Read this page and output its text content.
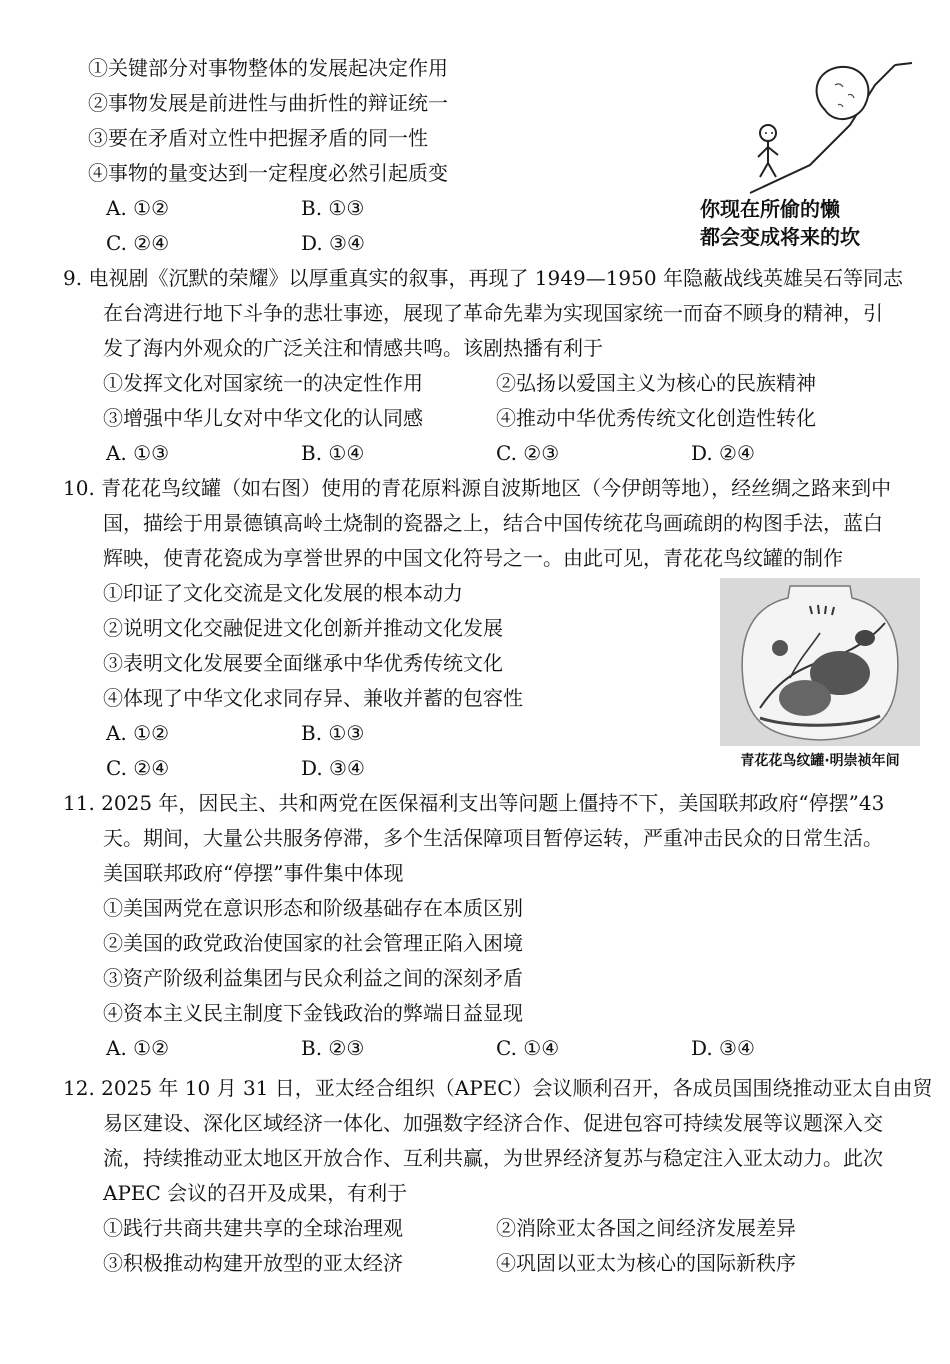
①关键部分对事物整体的发展起决定作用
②事物发展是前进性与曲折性的辩证统一
③要在矛盾对立性中把握矛盾的同一性
④事物的量变达到一定程度必然引起质变
A. ①②	B. ①③
C. ②④	D. ③④
你现在所偷的懒
都会变成将来的坎
9. 电视剧《沉默的荣耀》以厚重真实的叙事，再现了 1949—1950 年隐蔽战线英雄吴石等同志
在台湾进行地下斗争的悲壮事迹，展现了革命先辈为实现国家统一而奋不顾身的精神，引
发了海内外观众的广泛关注和情感共鸣。该剧热播有利于
①发挥文化对国家统一的决定性作用	②弘扬以爱国主义为核心的民族精神
③增强中华儿女对中华文化的认同感	④推动中华优秀传统文化创造性转化
A. ①③	B. ①④	C. ②③	D. ②④
10. 青花花鸟纹罐（如右图）使用的青花原料源自波斯地区（今伊朗等地），经丝绸之路来到中
国，描绘于用景德镇高岭土烧制的瓷器之上，结合中国传统花鸟画疏朗的构图手法，蓝白
辉映，使青花瓷成为享誉世界的中国文化符号之一。由此可见，青花花鸟纹罐的制作
①印证了文化交流是文化发展的根本动力
②说明文化交融促进文化创新并推动文化发展
③表明文化发展要全面继承中华优秀传统文化
④体现了中华文化求同存异、兼收并蓄的包容性
A. ①②	B. ①③
C. ②④	D. ③④	青花花鸟纹罐·明崇祯年间
11. 2025 年，因民主、共和两党在医保福利支出等问题上僵持不下，美国联邦政府“停摆”43
天。期间，大量公共服务停滞，多个生活保障项目暂停运转，严重冲击民众的日常生活。
美国联邦政府“停摆”事件集中体现
①美国两党在意识形态和阶级基础存在本质区别
②美国的政党政治使国家的社会管理正陷入困境
③资产阶级利益集团与民众利益之间的深刻矛盾
④资本主义民主制度下金钱政治的弊端日益显现
A. ①②	B. ②③	C. ①④	D. ③④
12. 2025 年 10 月 31 日，亚太经合组织（APEC）会议顺利召开，各成员国围绕推动亚太自由贸
易区建设、深化区域经济一体化、加强数字经济合作、促进包容可持续发展等议题深入交
流，持续推动亚太地区开放合作、互利共赢，为世界经济复苏与稳定注入亚太动力。此次
APEC 会议的召开及成果，有利于
①践行共商共建共享的全球治理观	②消除亚太各国之间经济发展差异
③积极推动构建开放型的亚太经济	④巩固以亚太为核心的国际新秩序
